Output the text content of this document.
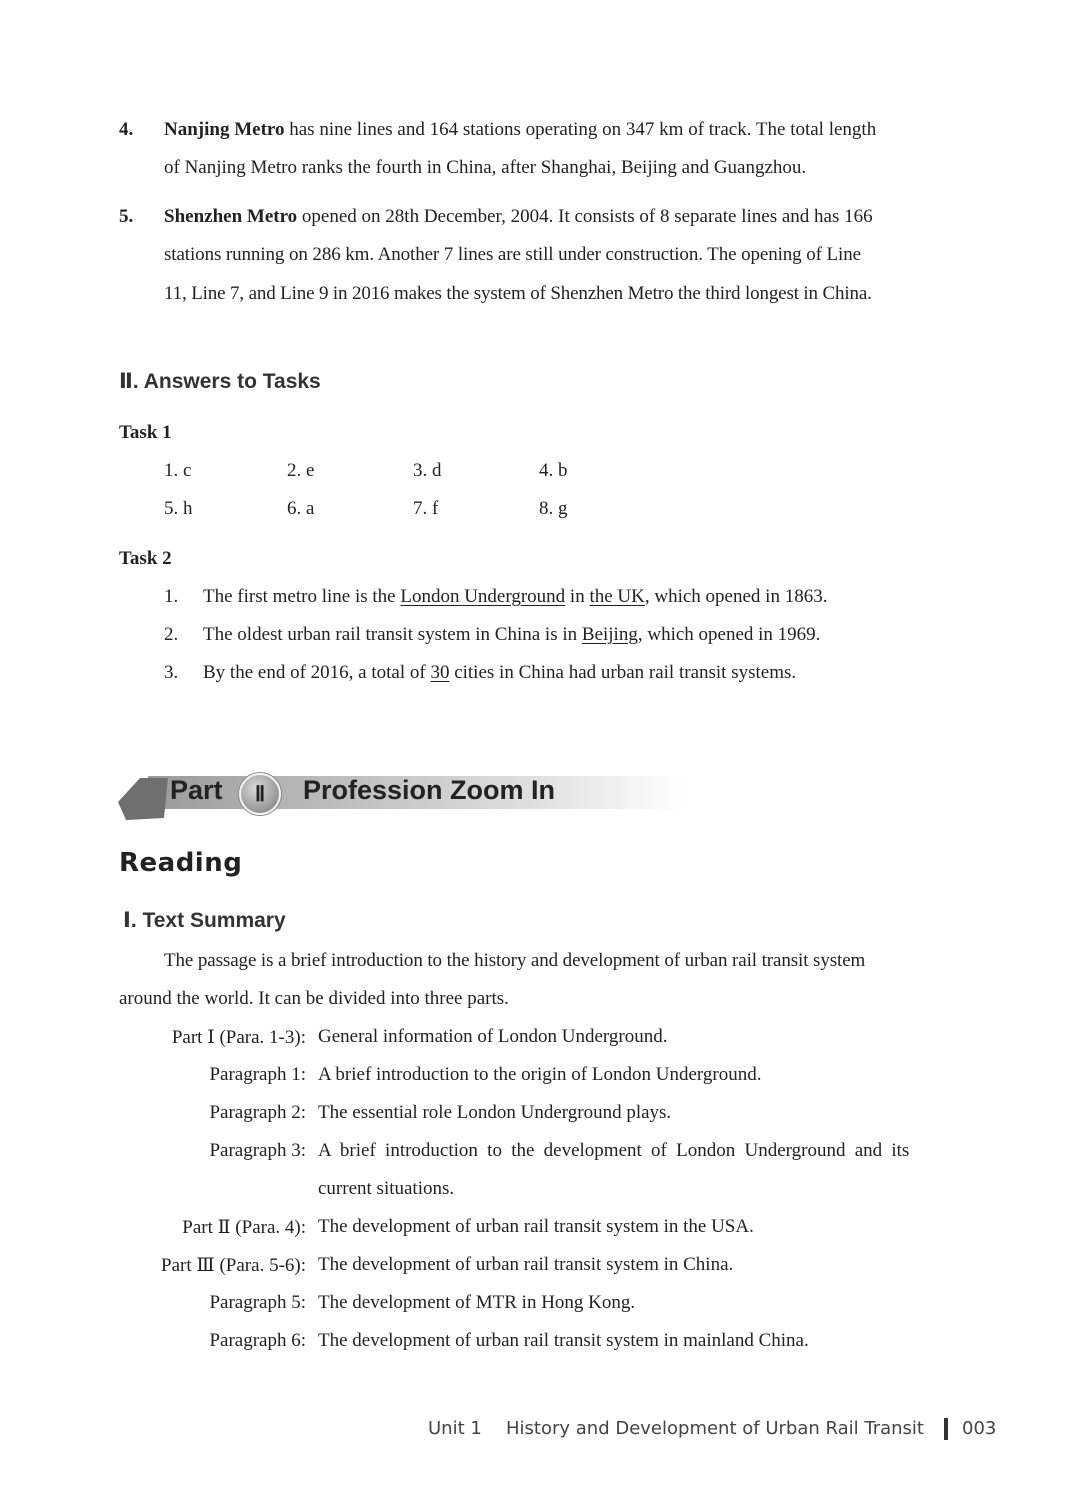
4. Nanjing Metro has nine lines and 164 stations operating on 347 km of track. The total length
of Nanjing Metro ranks the fourth in China, after Shanghai, Beijing and Guangzhou.
5. Shenzhen Metro opened on 28th December, 2004. It consists of 8 separate lines and has 166
stations running on 286 km. Another 7 lines are still under construction. The opening of Line
11, Line 7, and Line 9 in 2016 makes the system of Shenzhen Metro the third longest in China.
Ⅱ. Answers to Tasks
Task 1
1. c	2. e	3. d	4. b
5. h	6. a	7. f	8. g
Task 2
1. The first metro line is the London Underground in the UK, which opened in 1863.
2. The oldest urban rail transit system in China is in Beijing, which opened in 1969.
3. By the end of 2016, a total of 30 cities in China had urban rail transit systems.
Part	Ⅱ	Profession Zoom In
Reading
Ⅰ. Text Summary
The passage is a brief introduction to the history and development of urban rail transit system
around the world. It can be divided into three parts.
Part Ⅰ (Para. 1-3): General information of London Underground.
Paragraph 1: A brief introduction to the origin of London Underground.
Paragraph 2: The essential role London Underground plays.
Paragraph 3: A brief introduction to the development of London Underground and its
current situations.
Part Ⅱ (Para. 4): The development of urban rail transit system in the USA.
Part Ⅲ (Para. 5-6): The development of urban rail transit system in China.
Paragraph 5: The development of MTR in Hong Kong.
Paragraph 6: The development of urban rail transit system in mainland China.
Unit 1 History and Development of Urban Rail Transit 003
